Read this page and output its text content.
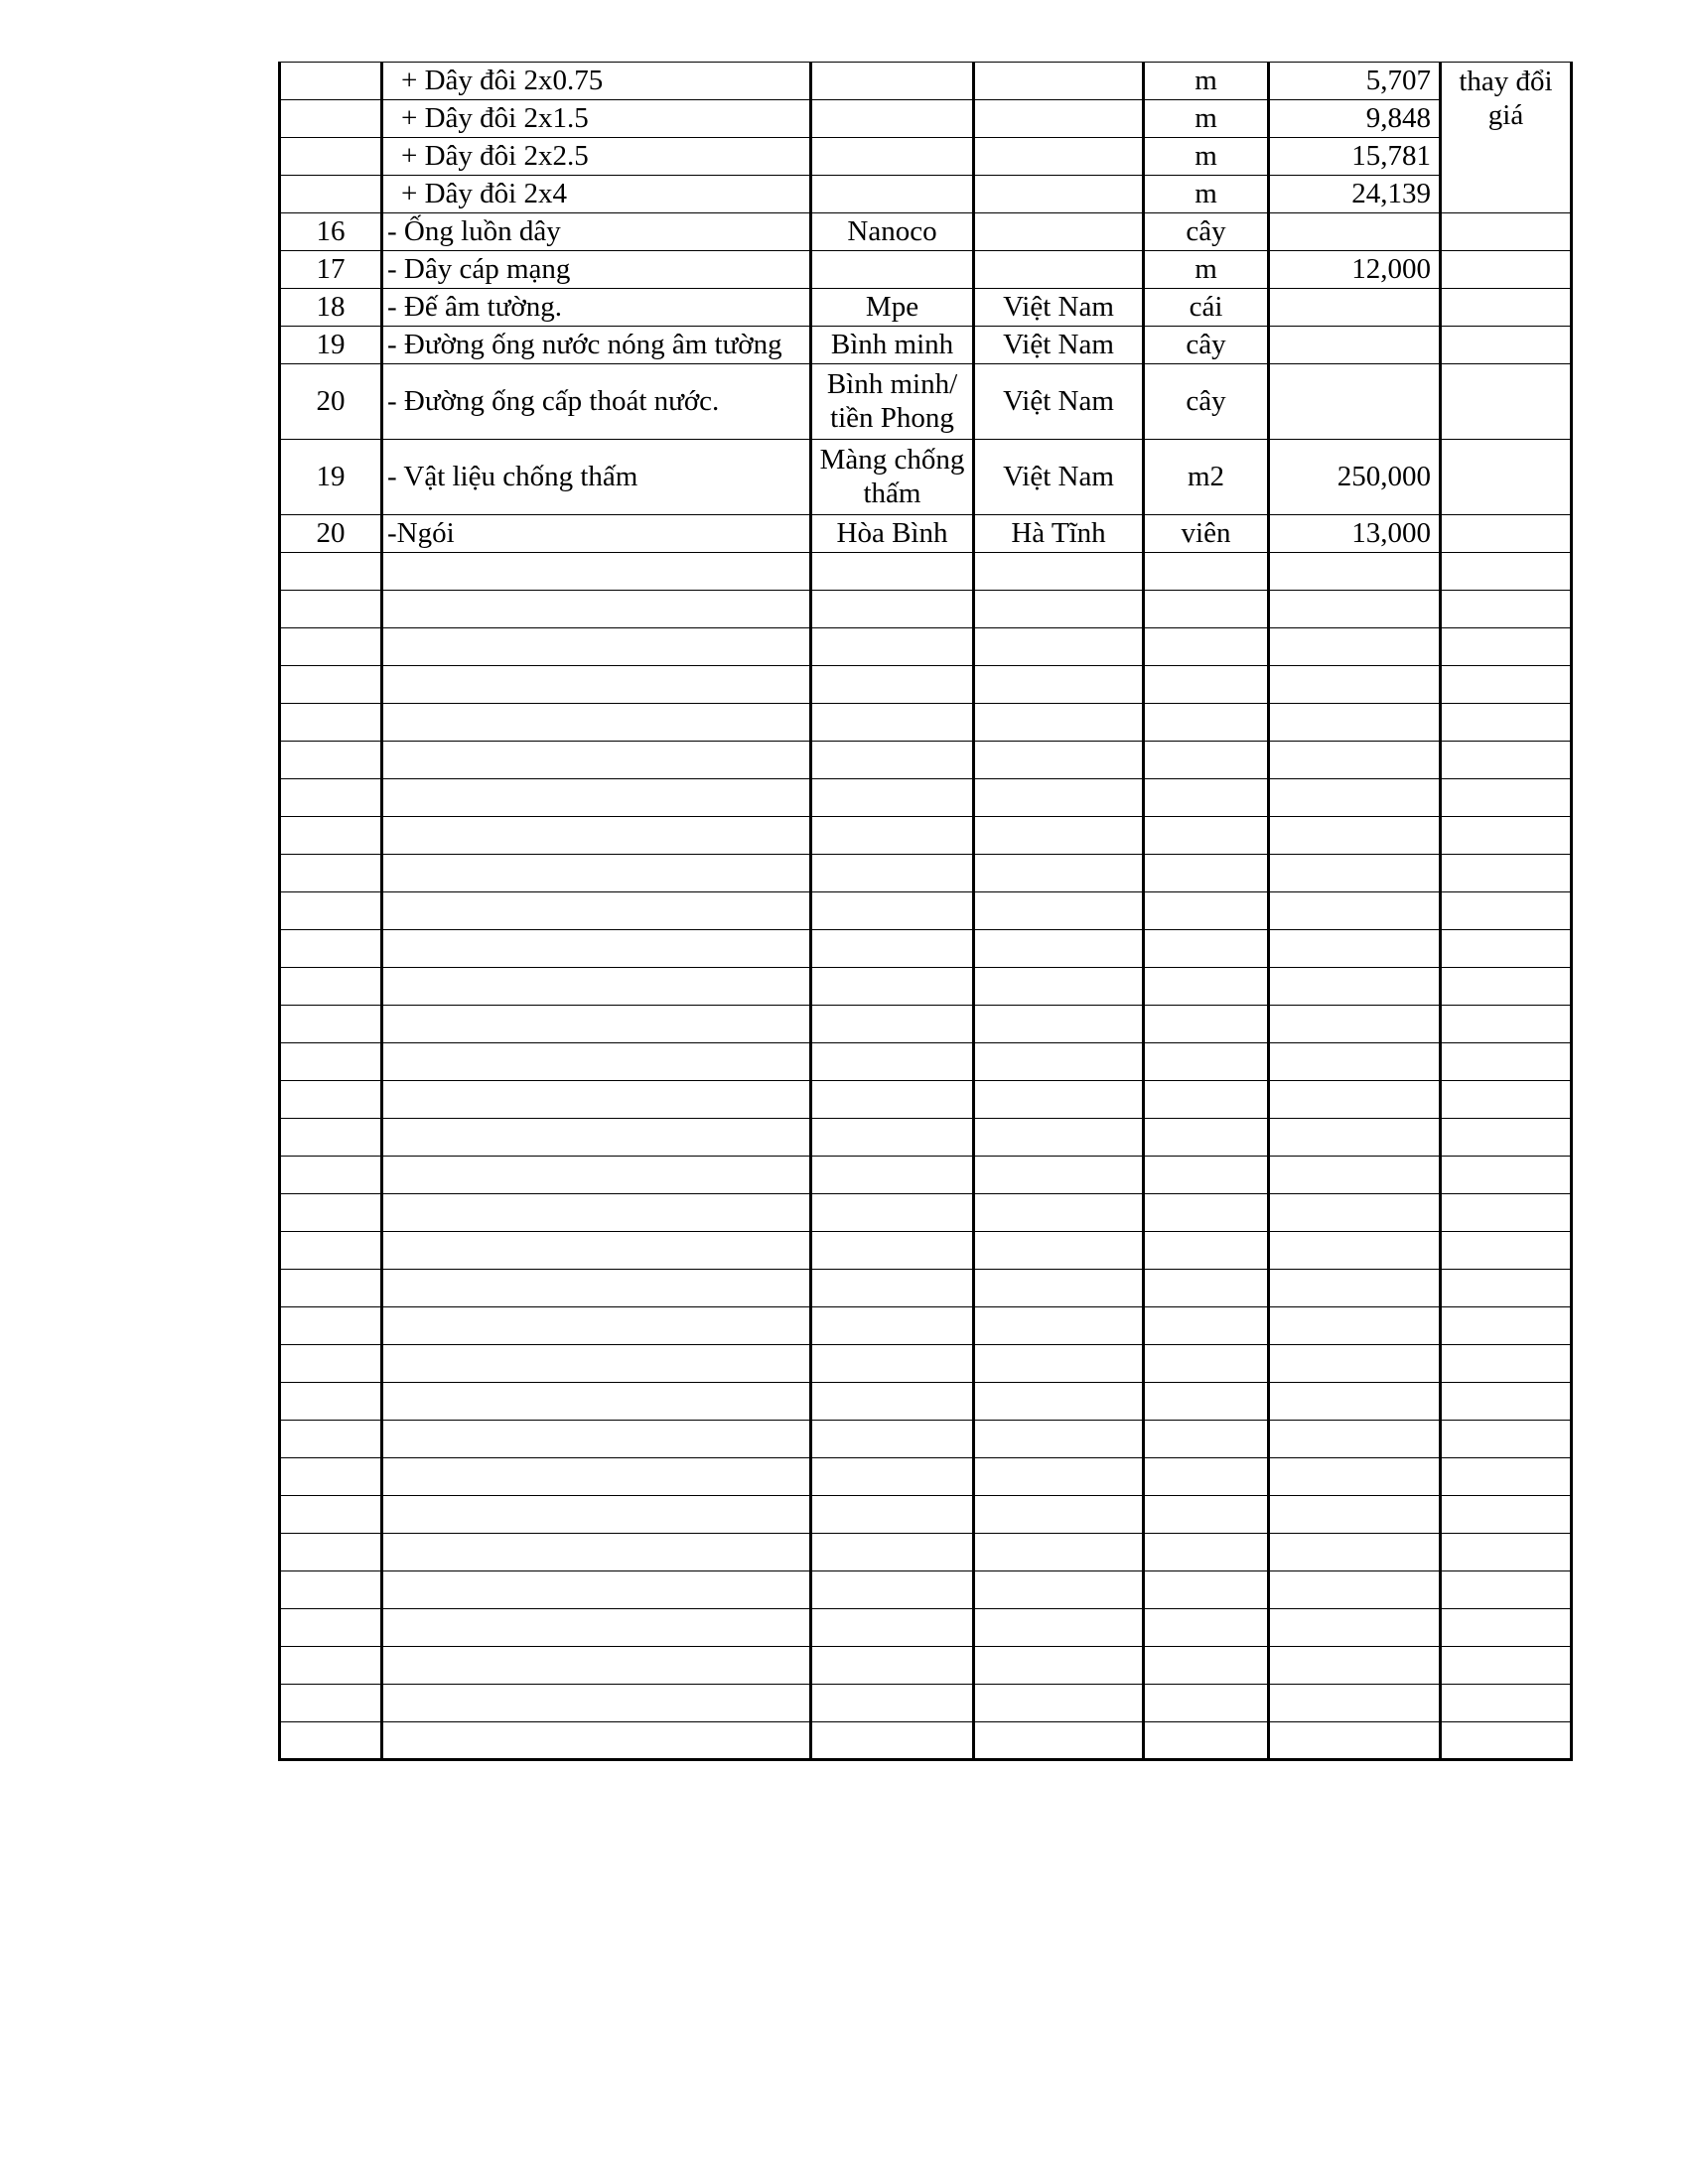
	+ Dây đôi 2x0.75			m	5,707	thay đổi
giá

	+ Dây đôi 2x1.5			m	9,848	
	+ Dây đôi 2x2.5			m	15,781	
	+ Dây đôi 2x4			m	24,139	
16	- Ống luồn dây	Nanoco		cây		
17	- Dây cáp mạng			m	12,000	
18	- Đế âm tường.	Mpe	Việt Nam	cái		
19	- Đường ống nước nóng âm tường	Bình minh	Việt Nam	cây		
20	- Đường ống cấp thoát nước.	Bình minh/ tiền Phong	Việt Nam	cây		
19	- Vật liệu chống thấm	Màng chống thấm	Việt Nam	m2	250,000	
20	-Ngói	Hòa Bình	Hà Tĩnh	viên	13,000	
